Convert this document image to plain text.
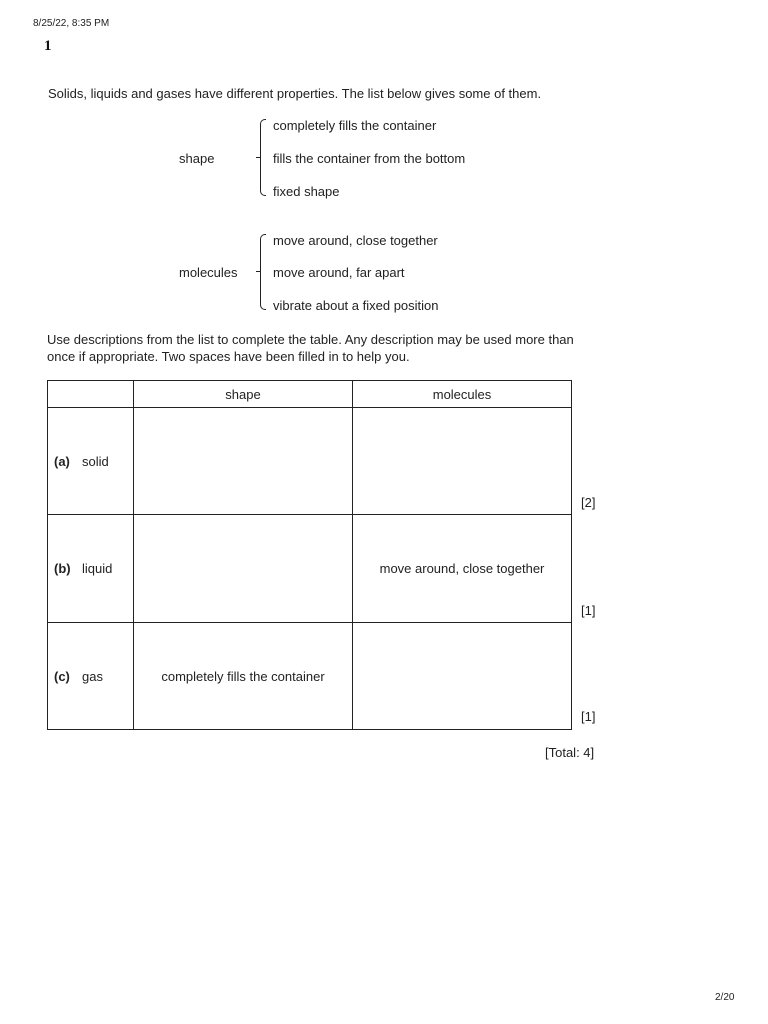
8/25/22, 8:35 PM
1
Solids, liquids and gases have different properties. The list below gives some of them.
shape
completely fills the container
fills the container from the bottom
fixed shape
molecules
move around, close together
move around, far apart
vibrate about a fixed position
Use descriptions from the list to complete the table. Any description may be used more than
once if appropriate. Two spaces have been filled in to help you.
	shape	molecules
(a) solid		
(b) liquid		move around, close together
(c) gas	completely fills the container	
[2]
[1]
[1]
[Total: 4]
2/20
